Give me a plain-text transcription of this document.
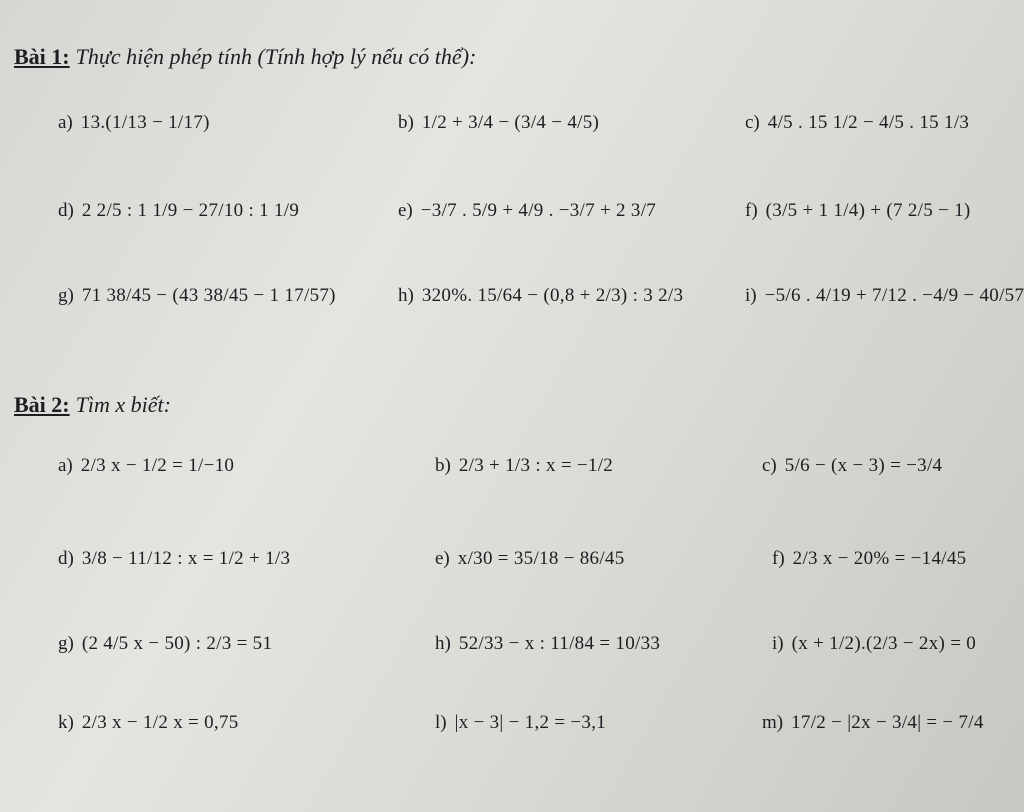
Bài 1: Thực hiện phép tính (Tính hợp lý nếu có thể):
a) 13.(1/13 − 1/17)	b) 1/2 + 3/4 − (3/4 − 4/5)	c) 4/5 . 15 1/2 − 4/5 . 15 1/3
d) 2 2/5 : 1 1/9 − 27/10 : 1 1/9	e) −3/7 . 5/9 + 4/9 . −3/7 + 2 3/7	f) (3/5 + 1 1/4) + (7 2/5 − 1)
g) 71 38/45 − (43 38/45 − 1 17/57)	h) 320%. 15/64 − (0,8 + 2/3) : 3 2/3	i) −5/6 . 4/19 + 7/12 . −4/9 − 40/57
Bài 2: Tìm x biết:
a) 2/3 x − 1/2 = 1/−10	b) 2/3 + 1/3 : x = −1/2	c) 5/6 − (x − 3) = −3/4
d) 3/8 − 11/12 : x = 1/2 + 1/3	e) x/30 = 35/18 − 86/45	f) 2/3 x − 20% = −14/45
g) (2 4/5 x − 50) : 2/3 = 51	h) 52/33 − x : 11/84 = 10/33	i) (x + 1/2).(2/3 − 2x) = 0
k) 2/3 x − 1/2 x = 0,75	l) |x − 3| − 1,2 = −3,1	m) 17/2 − |2x − 3/4| = − 7/4
